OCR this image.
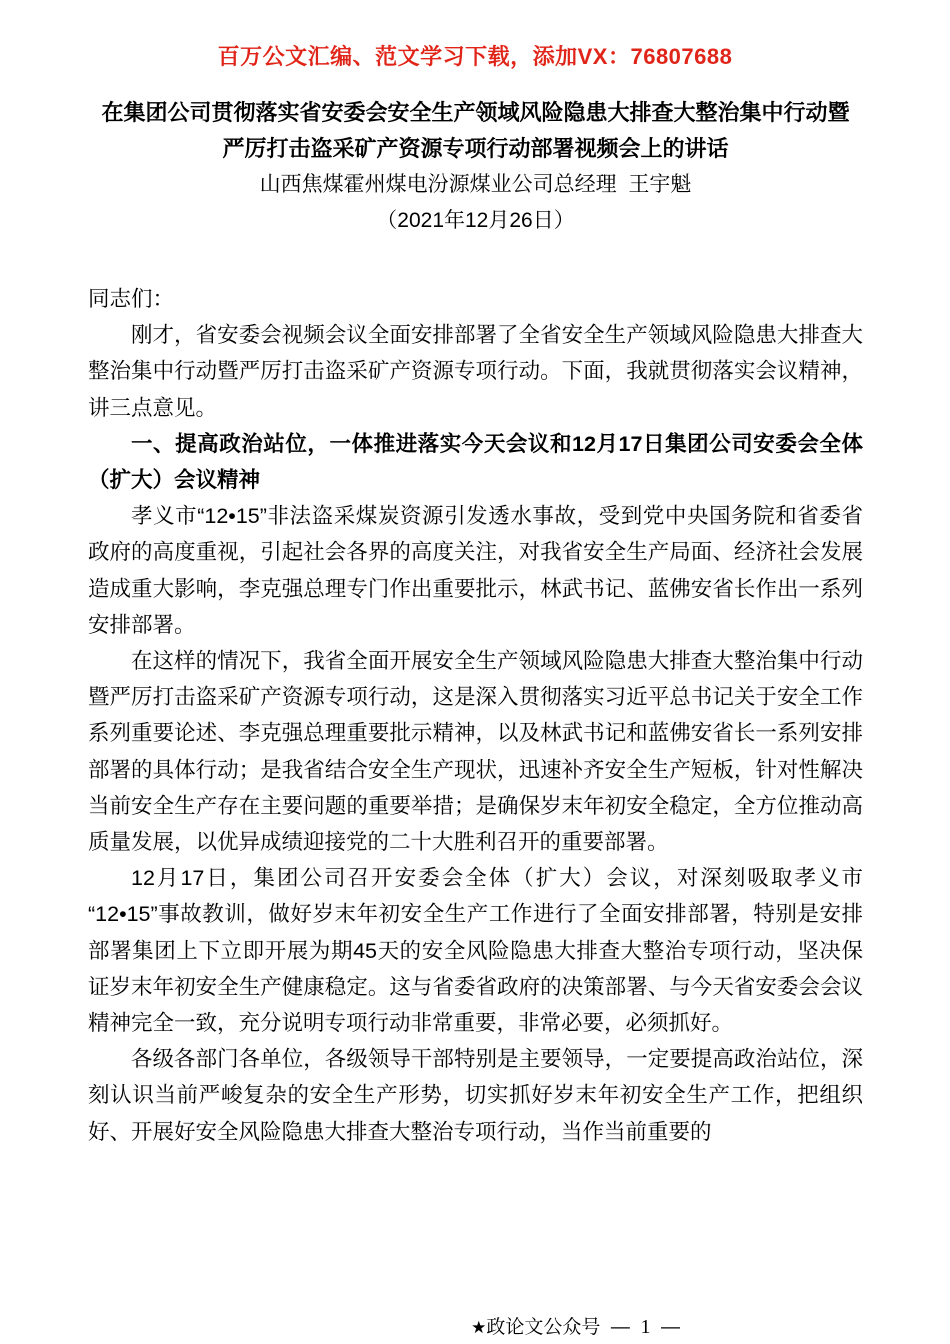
百万公文汇编、范文学习下载，添加VX：76807688
在集团公司贯彻落实省安委会安全生产领域风险隐患大排查大整治集中行动暨
严厉打击盗采矿产资源专项行动部署视频会上的讲话
山西焦煤霍州煤电汾源煤业公司总经理  王宇魁
（2021年12月26日）

同志们：

刚才，省安委会视频会议全面安排部署了全省安全生产领域风险隐患大排查大整治集中行动暨严厉打击盗采矿产资源专项行动。下面，我就贯彻落实会议精神，讲三点意见。

一、提高政治站位，一体推进落实今天会议和12月17日集团公司安委会全体（扩大）会议精神

孝义市“12•15”非法盗采煤炭资源引发透水事故，受到党中央国务院和省委省政府的高度重视，引起社会各界的高度关注，对我省安全生产局面、经济社会发展造成重大影响，李克强总理专门作出重要批示，林武书记、蓝佛安省长作出一系列安排部署。

在这样的情况下，我省全面开展安全生产领域风险隐患大排查大整治集中行动暨严厉打击盗采矿产资源专项行动，这是深入贯彻落实习近平总书记关于安全工作系列重要论述、李克强总理重要批示精神，以及林武书记和蓝佛安省长一系列安排部署的具体行动；是我省结合安全生产现状，迅速补齐安全生产短板，针对性解决当前安全生产存在主要问题的重要举措；是确保岁末年初安全稳定，全方位推动高质量发展，以优异成绩迎接党的二十大胜利召开的重要部署。

12月17日，集团公司召开安委会全体（扩大）会议，对深刻吸取孝义市“12•15”事故教训，做好岁末年初安全生产工作进行了全面安排部署，特别是安排部署集团上下立即开展为期45天的安全风险隐患大排查大整治专项行动，坚决保证岁末年初安全生产健康稳定。这与省委省政府的决策部署、与今天省安委会会议精神完全一致，充分说明专项行动非常重要，非常必要，必须抓好。

各级各部门各单位，各级领导干部特别是主要领导，一定要提高政治站位，深刻认识当前严峻复杂的安全生产形势，切实抓好岁末年初安全生产工作，把组织好、开展好安全风险隐患大排查大整治专项行动，当作当前重要的

★政论文公众号 — 1 —
